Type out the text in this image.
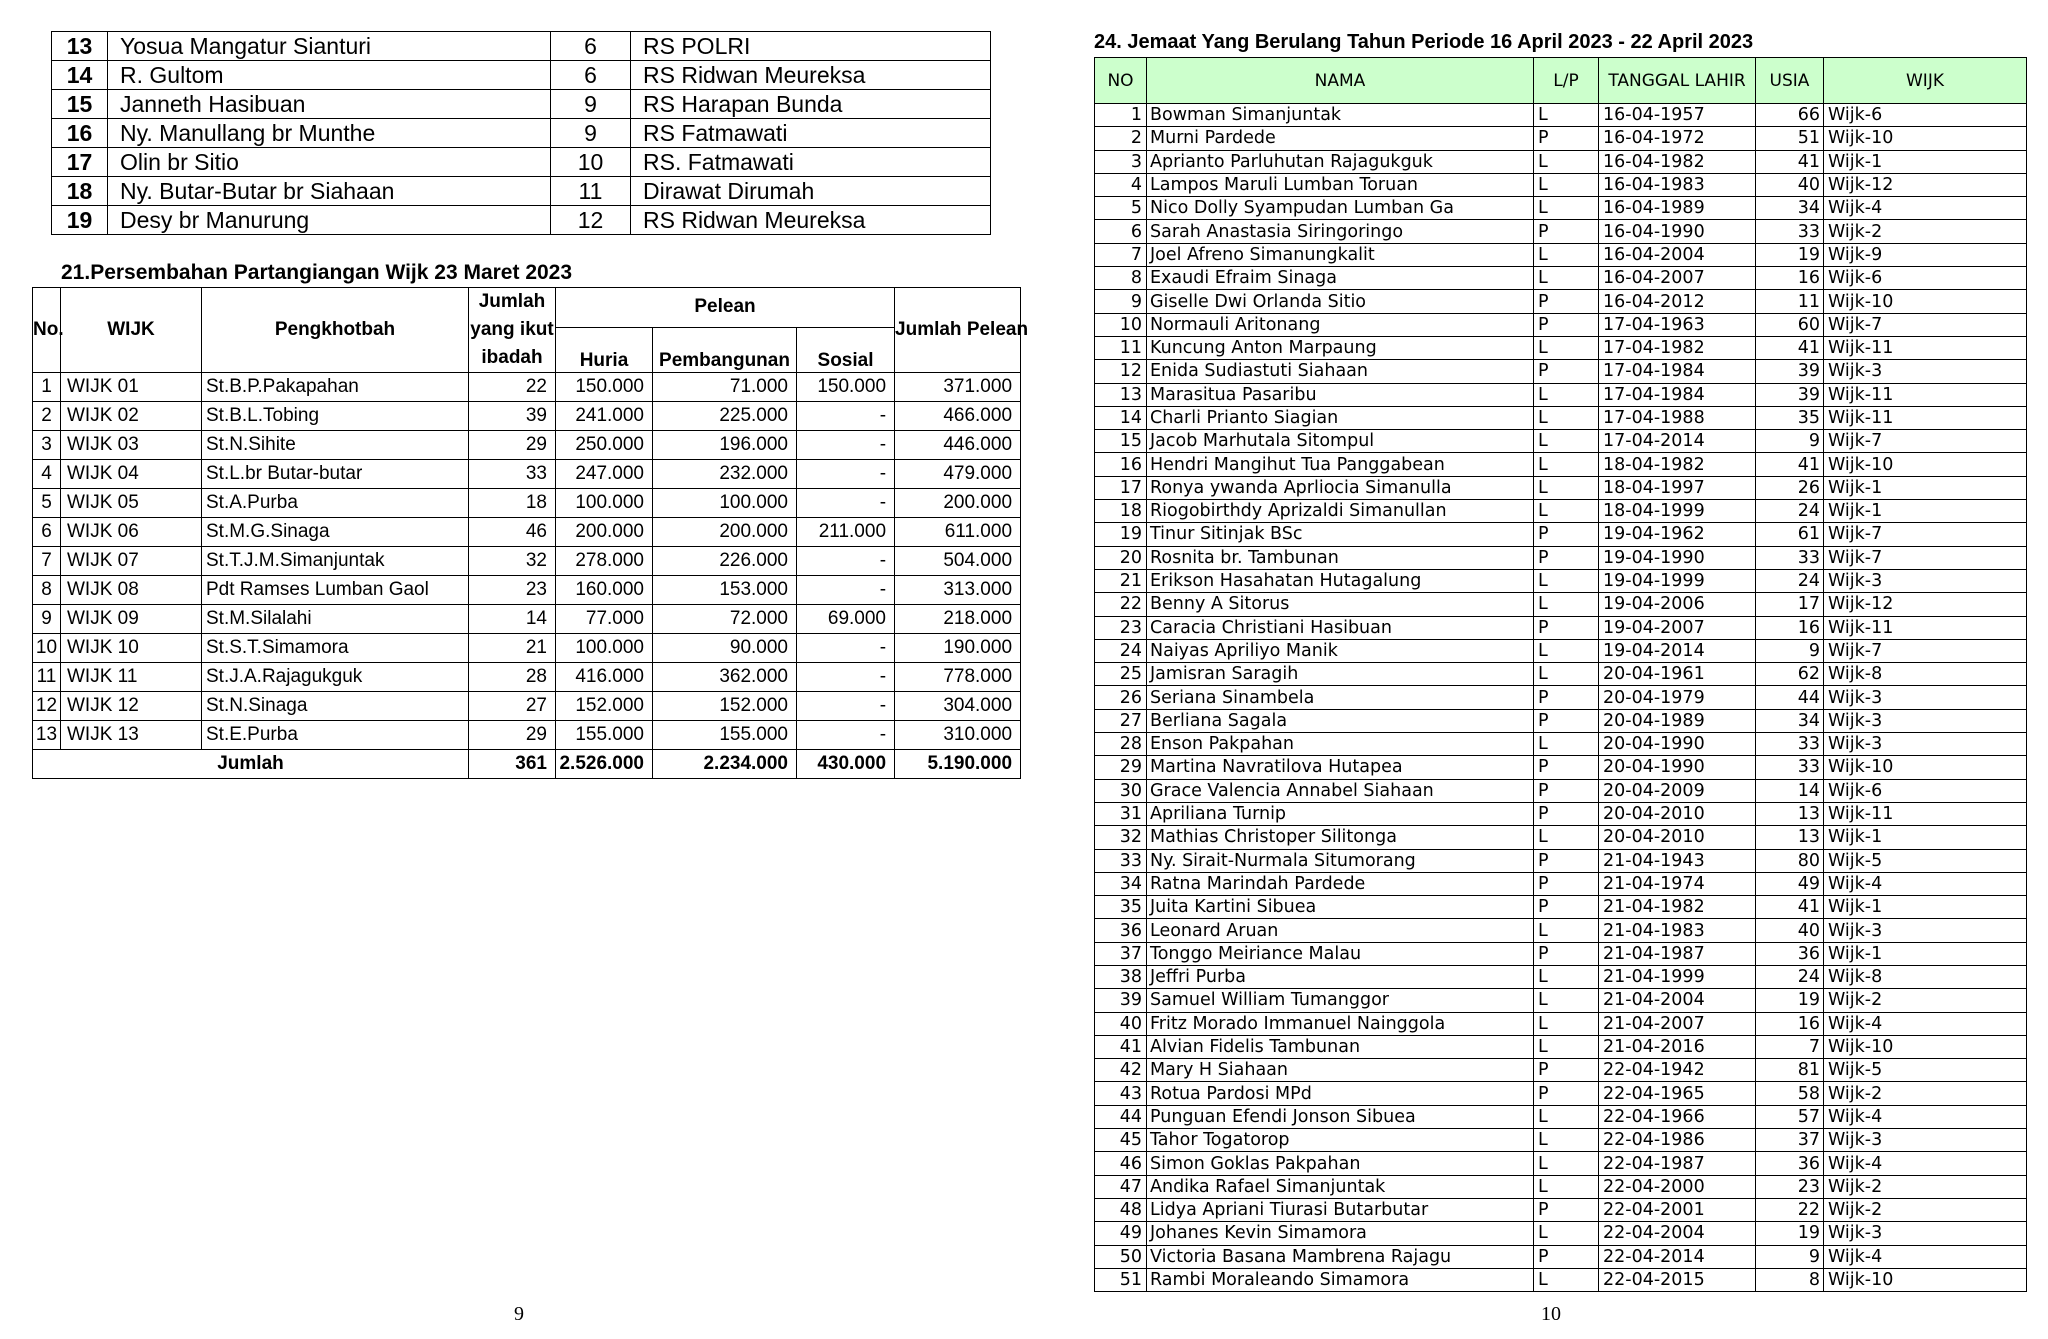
13	Yosua Mangatur Sianturi	6	RS POLRI
14	R. Gultom	6	RS Ridwan Meureksa
15	Janneth Hasibuan	9	RS Harapan Bunda
16	Ny. Manullang br Munthe	9	RS Fatmawati
17	Olin br Sitio	10	RS. Fatmawati
18	Ny. Butar-Butar br Siahaan	11	Dirawat Dirumah
19	Desy br Manurung	12	RS Ridwan Meureksa
21.Persembahan Partangiangan Wijk 23 Maret 2023
No.	WIJK	Pengkhotbah	Jumlah yang ikut ibadah	Pelean			Jumlah Pelean
				Huria	Pembangunan	Sosial	
1	WIJK 01	St.B.P.Pakapahan	22	150.000	71.000	150.000	371.000
2	WIJK 02	St.B.L.Tobing	39	241.000	225.000	-	466.000
3	WIJK 03	St.N.Sihite	29	250.000	196.000	-	446.000
4	WIJK 04	St.L.br Butar-butar	33	247.000	232.000	-	479.000
5	WIJK 05	St.A.Purba	18	100.000	100.000	-	200.000
6	WIJK 06	St.M.G.Sinaga	46	200.000	200.000	211.000	611.000
7	WIJK 07	St.T.J.M.Simanjuntak	32	278.000	226.000	-	504.000
8	WIJK 08	Pdt Ramses Lumban Gaol	23	160.000	153.000	-	313.000
9	WIJK 09	St.M.Silalahi	14	77.000	72.000	69.000	218.000
10	WIJK 10	St.S.T.Simamora	21	100.000	90.000	-	190.000
11	WIJK 11	St.J.A.Rajagukguk	28	416.000	362.000	-	778.000
12	WIJK 12	St.N.Sinaga	27	152.000	152.000	-	304.000
13	WIJK 13	St.E.Purba	29	155.000	155.000	-	310.000
Jumlah			361	2.526.000	2.234.000	430.000	5.190.000
24. Jemaat Yang Berulang Tahun Periode 16 April 2023 - 22 April 2023
NO	NAMA	L/P	TANGGAL LAHIR	USIA	WIJK
1	Bowman Simanjuntak	L	16-04-1957	66	Wijk-6
2	Murni Pardede	P	16-04-1972	51	Wijk-10
3	Aprianto Parluhutan Rajagukguk	L	16-04-1982	41	Wijk-1
4	Lampos Maruli Lumban Toruan	L	16-04-1983	40	Wijk-12
5	Nico Dolly Syampudan Lumban Ga	L	16-04-1989	34	Wijk-4
6	Sarah Anastasia Siringoringo	P	16-04-1990	33	Wijk-2
7	Joel Afreno Simanungkalit	L	16-04-2004	19	Wijk-9
8	Exaudi Efraim Sinaga	L	16-04-2007	16	Wijk-6
9	Giselle Dwi Orlanda Sitio	P	16-04-2012	11	Wijk-10
10	Normauli Aritonang	P	17-04-1963	60	Wijk-7
11	Kuncung Anton Marpaung	L	17-04-1982	41	Wijk-11
12	Enida Sudiastuti Siahaan	P	17-04-1984	39	Wijk-3
13	Marasitua Pasaribu	L	17-04-1984	39	Wijk-11
14	Charli Prianto Siagian	L	17-04-1988	35	Wijk-11
15	Jacob Marhutala Sitompul	L	17-04-2014	9	Wijk-7
16	Hendri Mangihut Tua Panggabean	L	18-04-1982	41	Wijk-10
17	Ronya ywanda Aprliocia Simanulla	L	18-04-1997	26	Wijk-1
18	Riogobirthdy Aprizaldi Simanullan	L	18-04-1999	24	Wijk-1
19	Tinur Sitinjak BSc	P	19-04-1962	61	Wijk-7
20	Rosnita br. Tambunan	P	19-04-1990	33	Wijk-7
21	Erikson Hasahatan Hutagalung	L	19-04-1999	24	Wijk-3
22	Benny A Sitorus	L	19-04-2006	17	Wijk-12
23	Caracia Christiani Hasibuan	P	19-04-2007	16	Wijk-11
24	Naiyas Apriliyo Manik	L	19-04-2014	9	Wijk-7
25	Jamisran Saragih	L	20-04-1961	62	Wijk-8
26	Seriana Sinambela	P	20-04-1979	44	Wijk-3
27	Berliana Sagala	P	20-04-1989	34	Wijk-3
28	Enson Pakpahan	L	20-04-1990	33	Wijk-3
29	Martina Navratilova Hutapea	P	20-04-1990	33	Wijk-10
30	Grace Valencia Annabel Siahaan	P	20-04-2009	14	Wijk-6
31	Apriliana Turnip	P	20-04-2010	13	Wijk-11
32	Mathias Christoper Silitonga	L	20-04-2010	13	Wijk-1
33	Ny. Sirait-Nurmala Situmorang	P	21-04-1943	80	Wijk-5
34	Ratna Marindah Pardede	P	21-04-1974	49	Wijk-4
35	Juita Kartini Sibuea	P	21-04-1982	41	Wijk-1
36	Leonard Aruan	L	21-04-1983	40	Wijk-3
37	Tonggo Meiriance Malau	P	21-04-1987	36	Wijk-1
38	Jeffri Purba	L	21-04-1999	24	Wijk-8
39	Samuel William Tumanggor	L	21-04-2004	19	Wijk-2
40	Fritz Morado Immanuel Nainggola	L	21-04-2007	16	Wijk-4
41	Alvian Fidelis Tambunan	L	21-04-2016	7	Wijk-10
42	Mary H Siahaan	P	22-04-1942	81	Wijk-5
43	Rotua Pardosi MPd	P	22-04-1965	58	Wijk-2
44	Punguan Efendi Jonson Sibuea	L	22-04-1966	57	Wijk-4
45	Tahor Togatorop	L	22-04-1986	37	Wijk-3
46	Simon Goklas Pakpahan	L	22-04-1987	36	Wijk-4
47	Andika Rafael Simanjuntak	L	22-04-2000	23	Wijk-2
48	Lidya Apriani Tiurasi Butarbutar	P	22-04-2001	22	Wijk-2
49	Johanes Kevin Simamora	L	22-04-2004	19	Wijk-3
50	Victoria Basana Mambrena Rajagu	P	22-04-2014	9	Wijk-4
51	Rambi Moraleando Simamora	L	22-04-2015	8	Wijk-10
9	10
